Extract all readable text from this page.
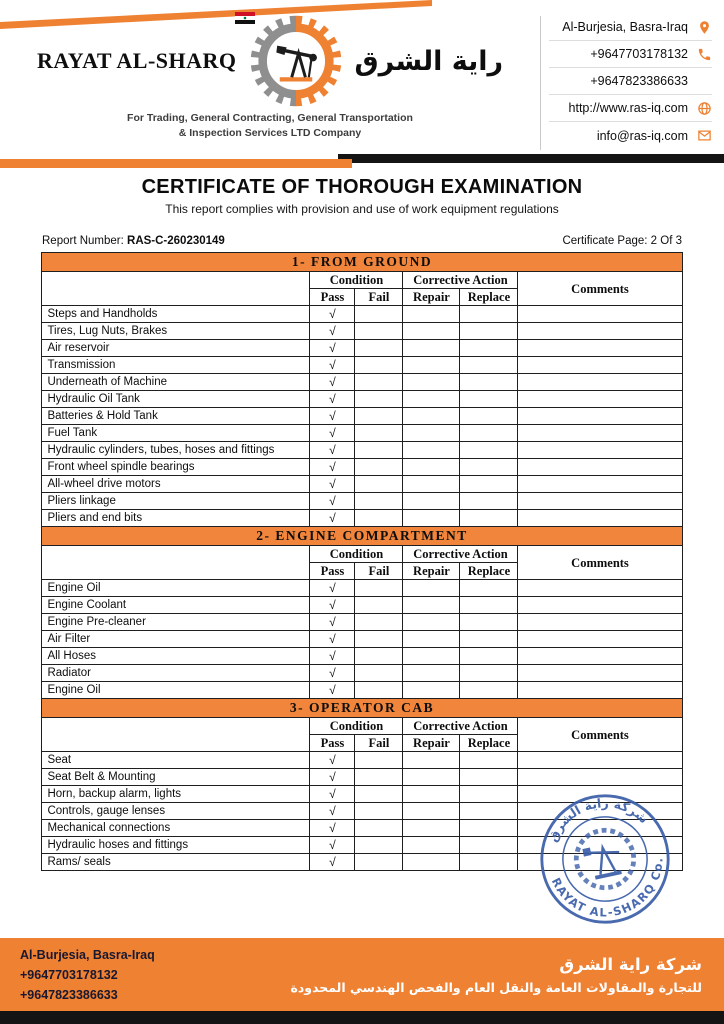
RAYAT AL-SHARQ	راية الشرق
For Trading, General Contracting, General Transportation
& Inspection Services LTD Company
Al-Burjesia, Basra-Iraq
+9647703178132
+9647823386633
http://www.ras-iq.com
info@ras-iq.com
CERTIFICATE OF THOROUGH EXAMINATION
This report complies with provision and use of work equipment regulations
Report Number: RAS-C-260230149	Certificate Page: 2 Of 3
1- FROM GROUND					
	Condition		Corrective Action		Comments
	Pass	Fail	Repair	Replace	
Steps and Handholds	√				
Tires, Lug Nuts, Brakes	√				
Air reservoir	√				
Transmission	√				
Underneath of Machine	√				
Hydraulic Oil Tank	√				
Batteries & Hold Tank	√				
Fuel Tank	√				
Hydraulic cylinders, tubes, hoses and fittings	√				
Front wheel spindle bearings	√				
All-wheel drive motors	√				
Pliers linkage	√				
Pliers and end bits	√				
2- ENGINE COMPARTMENT					
	Condition		Corrective Action		Comments
	Pass	Fail	Repair	Replace	
Engine Oil	√				
Engine Coolant	√				
Engine Pre-cleaner	√				
Air Filter	√				
All Hoses	√				
Radiator	√				
Engine Oil	√				
3- OPERATOR CAB					
	Condition		Corrective Action		Comments
	Pass	Fail	Repair	Replace	
Seat	√				
Seat Belt & Mounting	√				
Horn, backup alarm, lights	√				
Controls, gauge lenses	√				
Mechanical connections	√				
Hydraulic hoses and fittings	√				
Rams/ seals	√				
شركة راية الشرق
RAYAT AL-SHARQ Co.
Al-Burjesia, Basra-Iraq
+9647703178132
+9647823386633
شركة راية الشرق
للتجارة والمقاولات العامة والنقل العام والفحص الهندسي المحدودة
